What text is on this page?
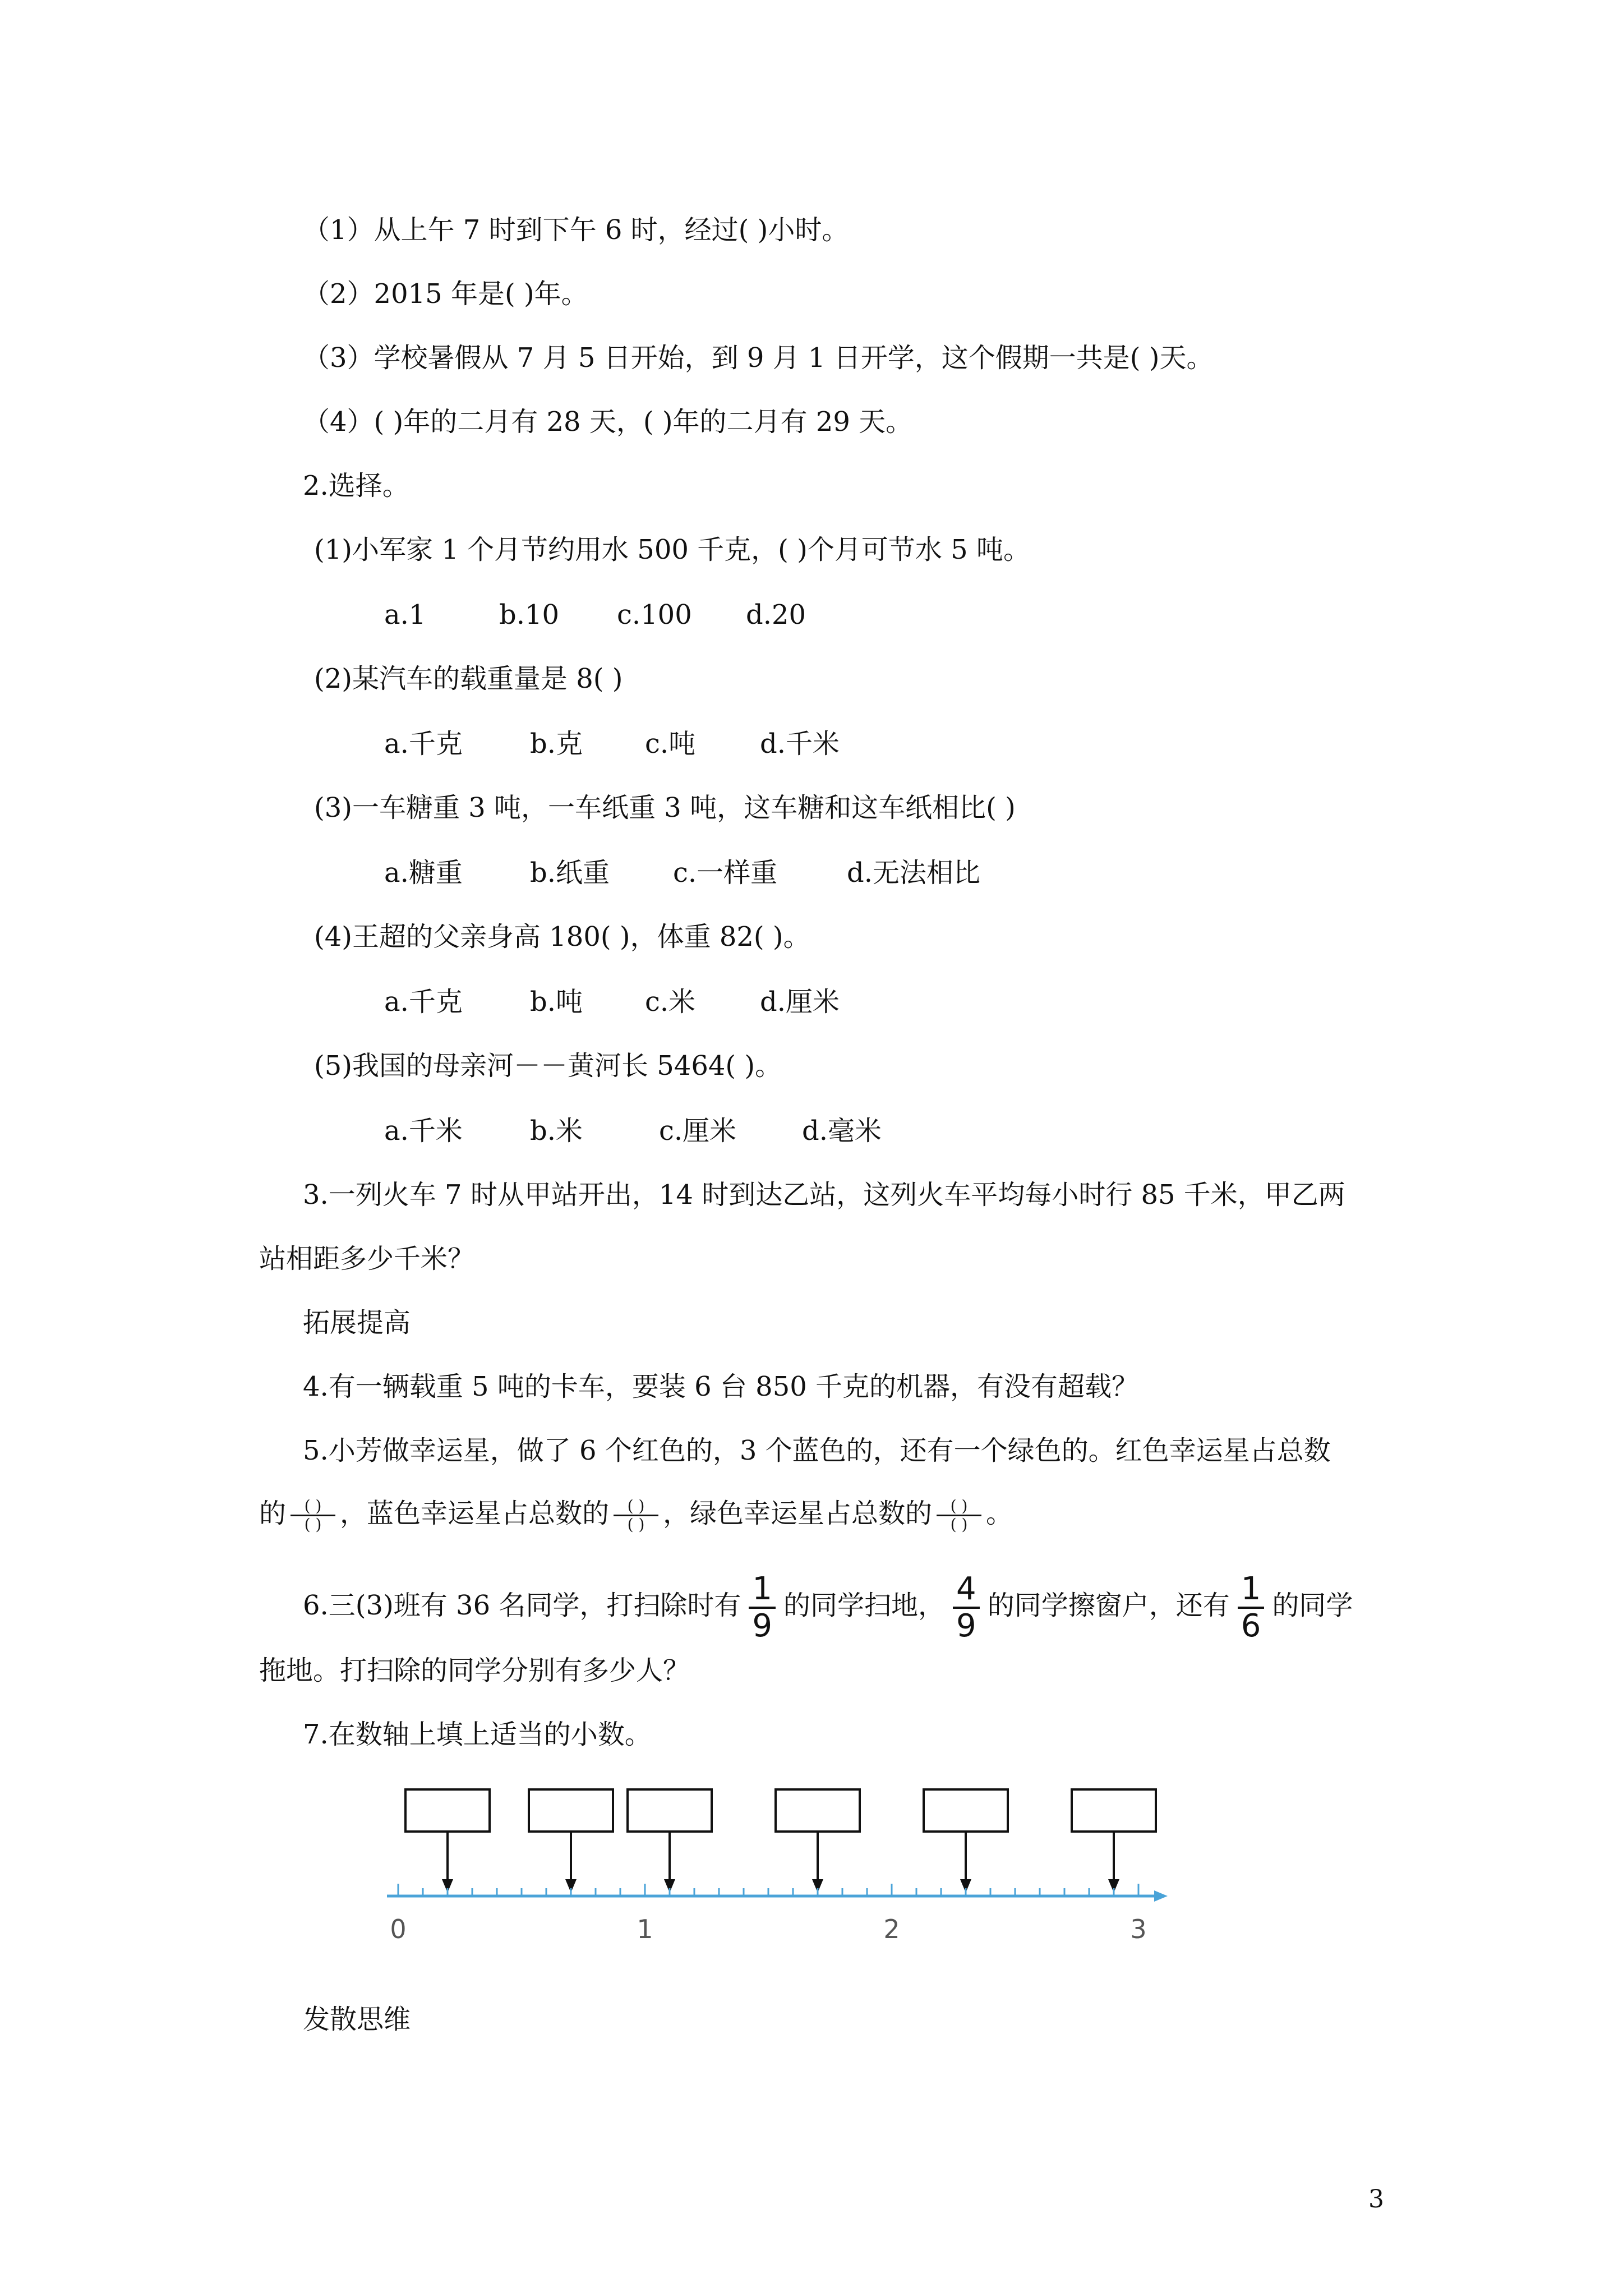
（1）从上午 7 时到下午 6 时，经过( )小时。
（2）2015 年是( )年。
（3）学校暑假从 7 月 5 日开始，到 9 月 1 日开学，这个假期一共是( )天。
（4）( )年的二月有 28 天，( )年的二月有 29 天。
2.选择。
(1)小军家 1 个月节约用水 500 千克，( )个月可节水 5 吨。
a.1	b.10 c.100 d.20
(2)某汽车的载重量是 8( )
a.千克	b.克 c.吨 d.千米
(3)一车糖重 3 吨，一车纸重 3 吨，这车糖和这车纸相比( )
a.糖重	b.纸重 c.一样重	d.无法相比
(4)王超的父亲身高 180( )，体重 82( )。
a.千克	b.吨 c.米 d.厘米
(5)我国的母亲河－－黄河长 5464( )。
a.千米	b.米	c.厘米 d.毫米
3.一列火车 7 时从甲站开出，14 时到达乙站，这列火车平均每小时行 85 千米，甲乙两
站相距多少千米？
拓展提高
4.有一辆载重 5 吨的卡车，要装 6 台 850 千克的机器，有没有超载？
5.小芳做幸运星，做了 6 个红色的，3 个蓝色的，还有一个绿色的。红色幸运星占总数
的 $\frac{( )}{( )}$ ，蓝色幸运星占总数的 $\frac{( )}{( )}$ ，绿色幸运星占总数的 $\frac{( )}{( )}$ 。
6.三(3)班有 36 名同学，打扫除时有 $\frac{1}{9}$ 的同学扫地， $\frac{4}{9}$ 的同学擦窗户，还有 $\frac{1}{6}$ 的同学
拖地。打扫除的同学分别有多少人？
7.在数轴上填上适当的小数。
0	1	2	3
发散思维
3
